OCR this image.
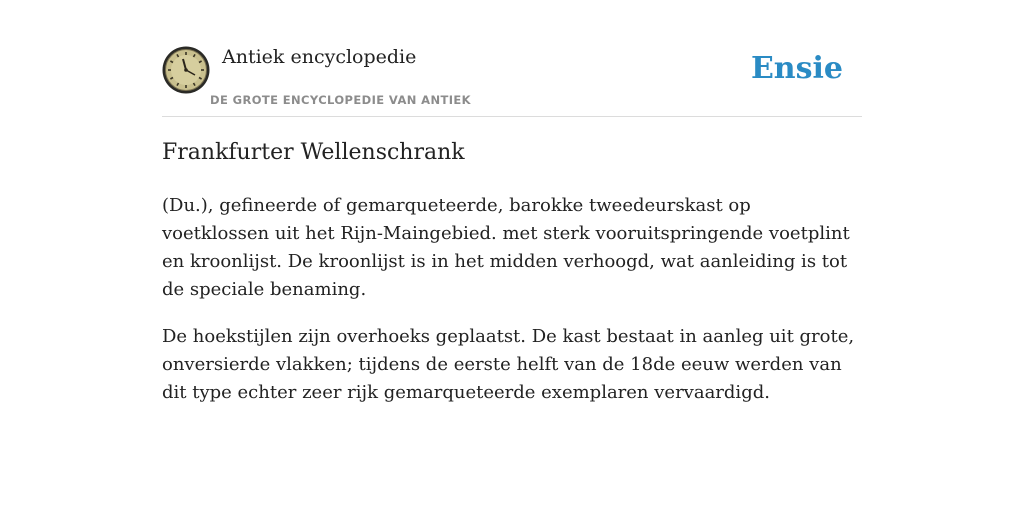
Antiek encyclopedie
DE GROTE ENCYCLOPEDIE VAN ANTIEK
Ensie
Frankfurter Wellenschrank

(Du.), gefineerde of gemarqueteerde, barokke tweedeurskast op voetklossen uit het Rijn-Maingebied. met sterk vooruitspringende voetplint en kroonlijst. De kroonlijst is in het midden verhoogd, wat aanleiding is tot de speciale benaming.

De hoekstijlen zijn overhoeks geplaatst. De kast bestaat in aanleg uit grote, onversierde vlakken; tijdens de eerste helft van de 18de eeuw werden van dit type echter zeer rijk gemarqueteerde exemplaren vervaardigd.
